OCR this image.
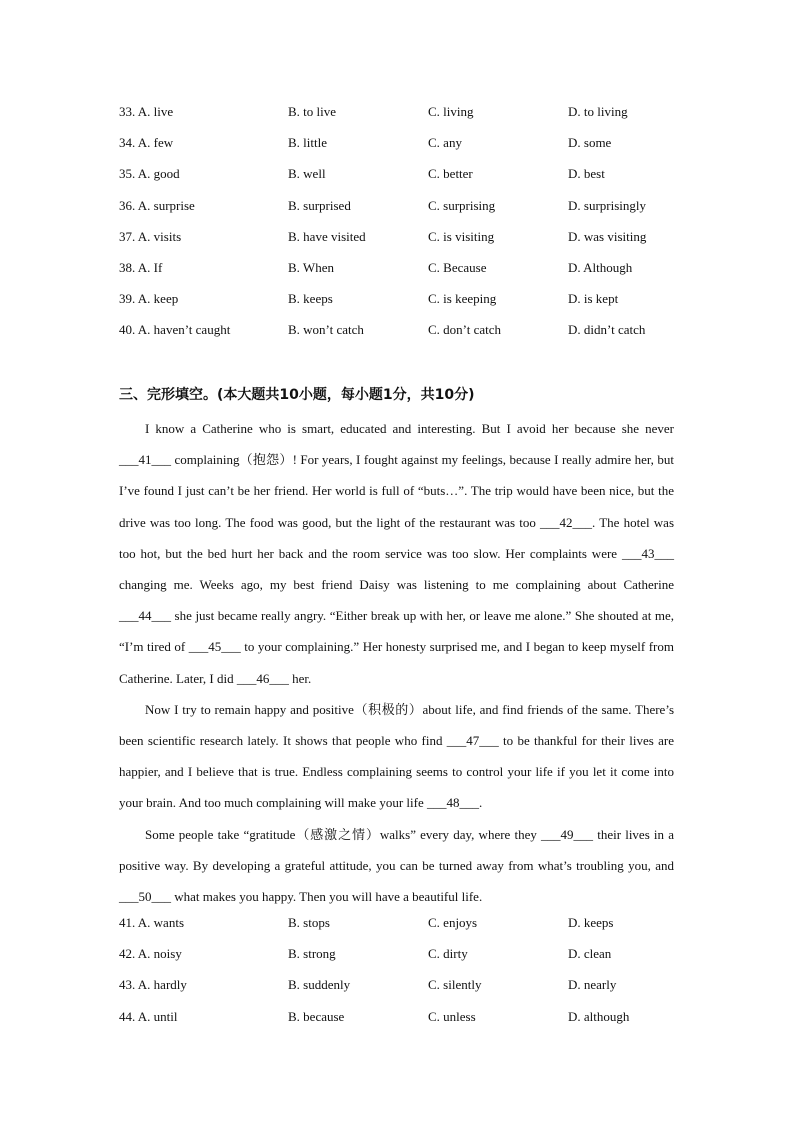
33. A. live	B. to live	C. living	D. to living
34. A. few	B. little	C. any	D. some
35. A. good	B. well	C. better	D. best
36. A. surprise	B. surprised	C. surprising	D. surprisingly
37. A. visits	B. have visited	C. is visiting	D. was visiting
38. A. If	B. When	C. Because	D. Although
39. A. keep	B. keeps	C. is keeping	D. is kept
40. A. haven’t caught	B. won’t catch	C. don’t catch	D. didn’t catch
三、完形填空。(本大题共10小题，每小题1分，共10分)

I know a Catherine who is smart, educated and interesting. But I avoid her because she never ___41___ complaining（抱怨）! For years, I fought against my feelings, because I really admire her, but I’ve found I just can’t be her friend. Her world is full of “buts…”. The trip would have been nice, but the drive was too long. The food was good, but the light of the restaurant was too ___42___. The hotel was too hot, but the bed hurt her back and the room service was too slow. Her complaints were ___43___ changing me. Weeks ago, my best friend Daisy was listening to me complaining about Catherine ___44___ she just became really angry. “Either break up with her, or leave me alone.” She shouted at me, “I’m tired of ___45___ to your complaining.” Her honesty surprised me, and I began to keep myself from Catherine. Later, I did ___46___ her.

Now I try to remain happy and positive（积极的）about life, and find friends of the same. There’s been scientific research lately. It shows that people who find ___47___ to be thankful for their lives are happier, and I believe that is true. Endless complaining seems to control your life if you let it come into your brain. And too much complaining will make your life ___48___.

Some people take “gratitude（感激之情）walks” every day, where they ___49___ their lives in a positive way. By developing a grateful attitude, you can be turned away from what’s troubling you, and ___50___ what makes you happy. Then you will have a beautiful life.

41. A. wants	B. stops	C. enjoys	D. keeps
42. A. noisy	B. strong	C. dirty	D. clean
43. A. hardly	B. suddenly	C. silently	D. nearly
44. A. until	B. because	C. unless	D. although
